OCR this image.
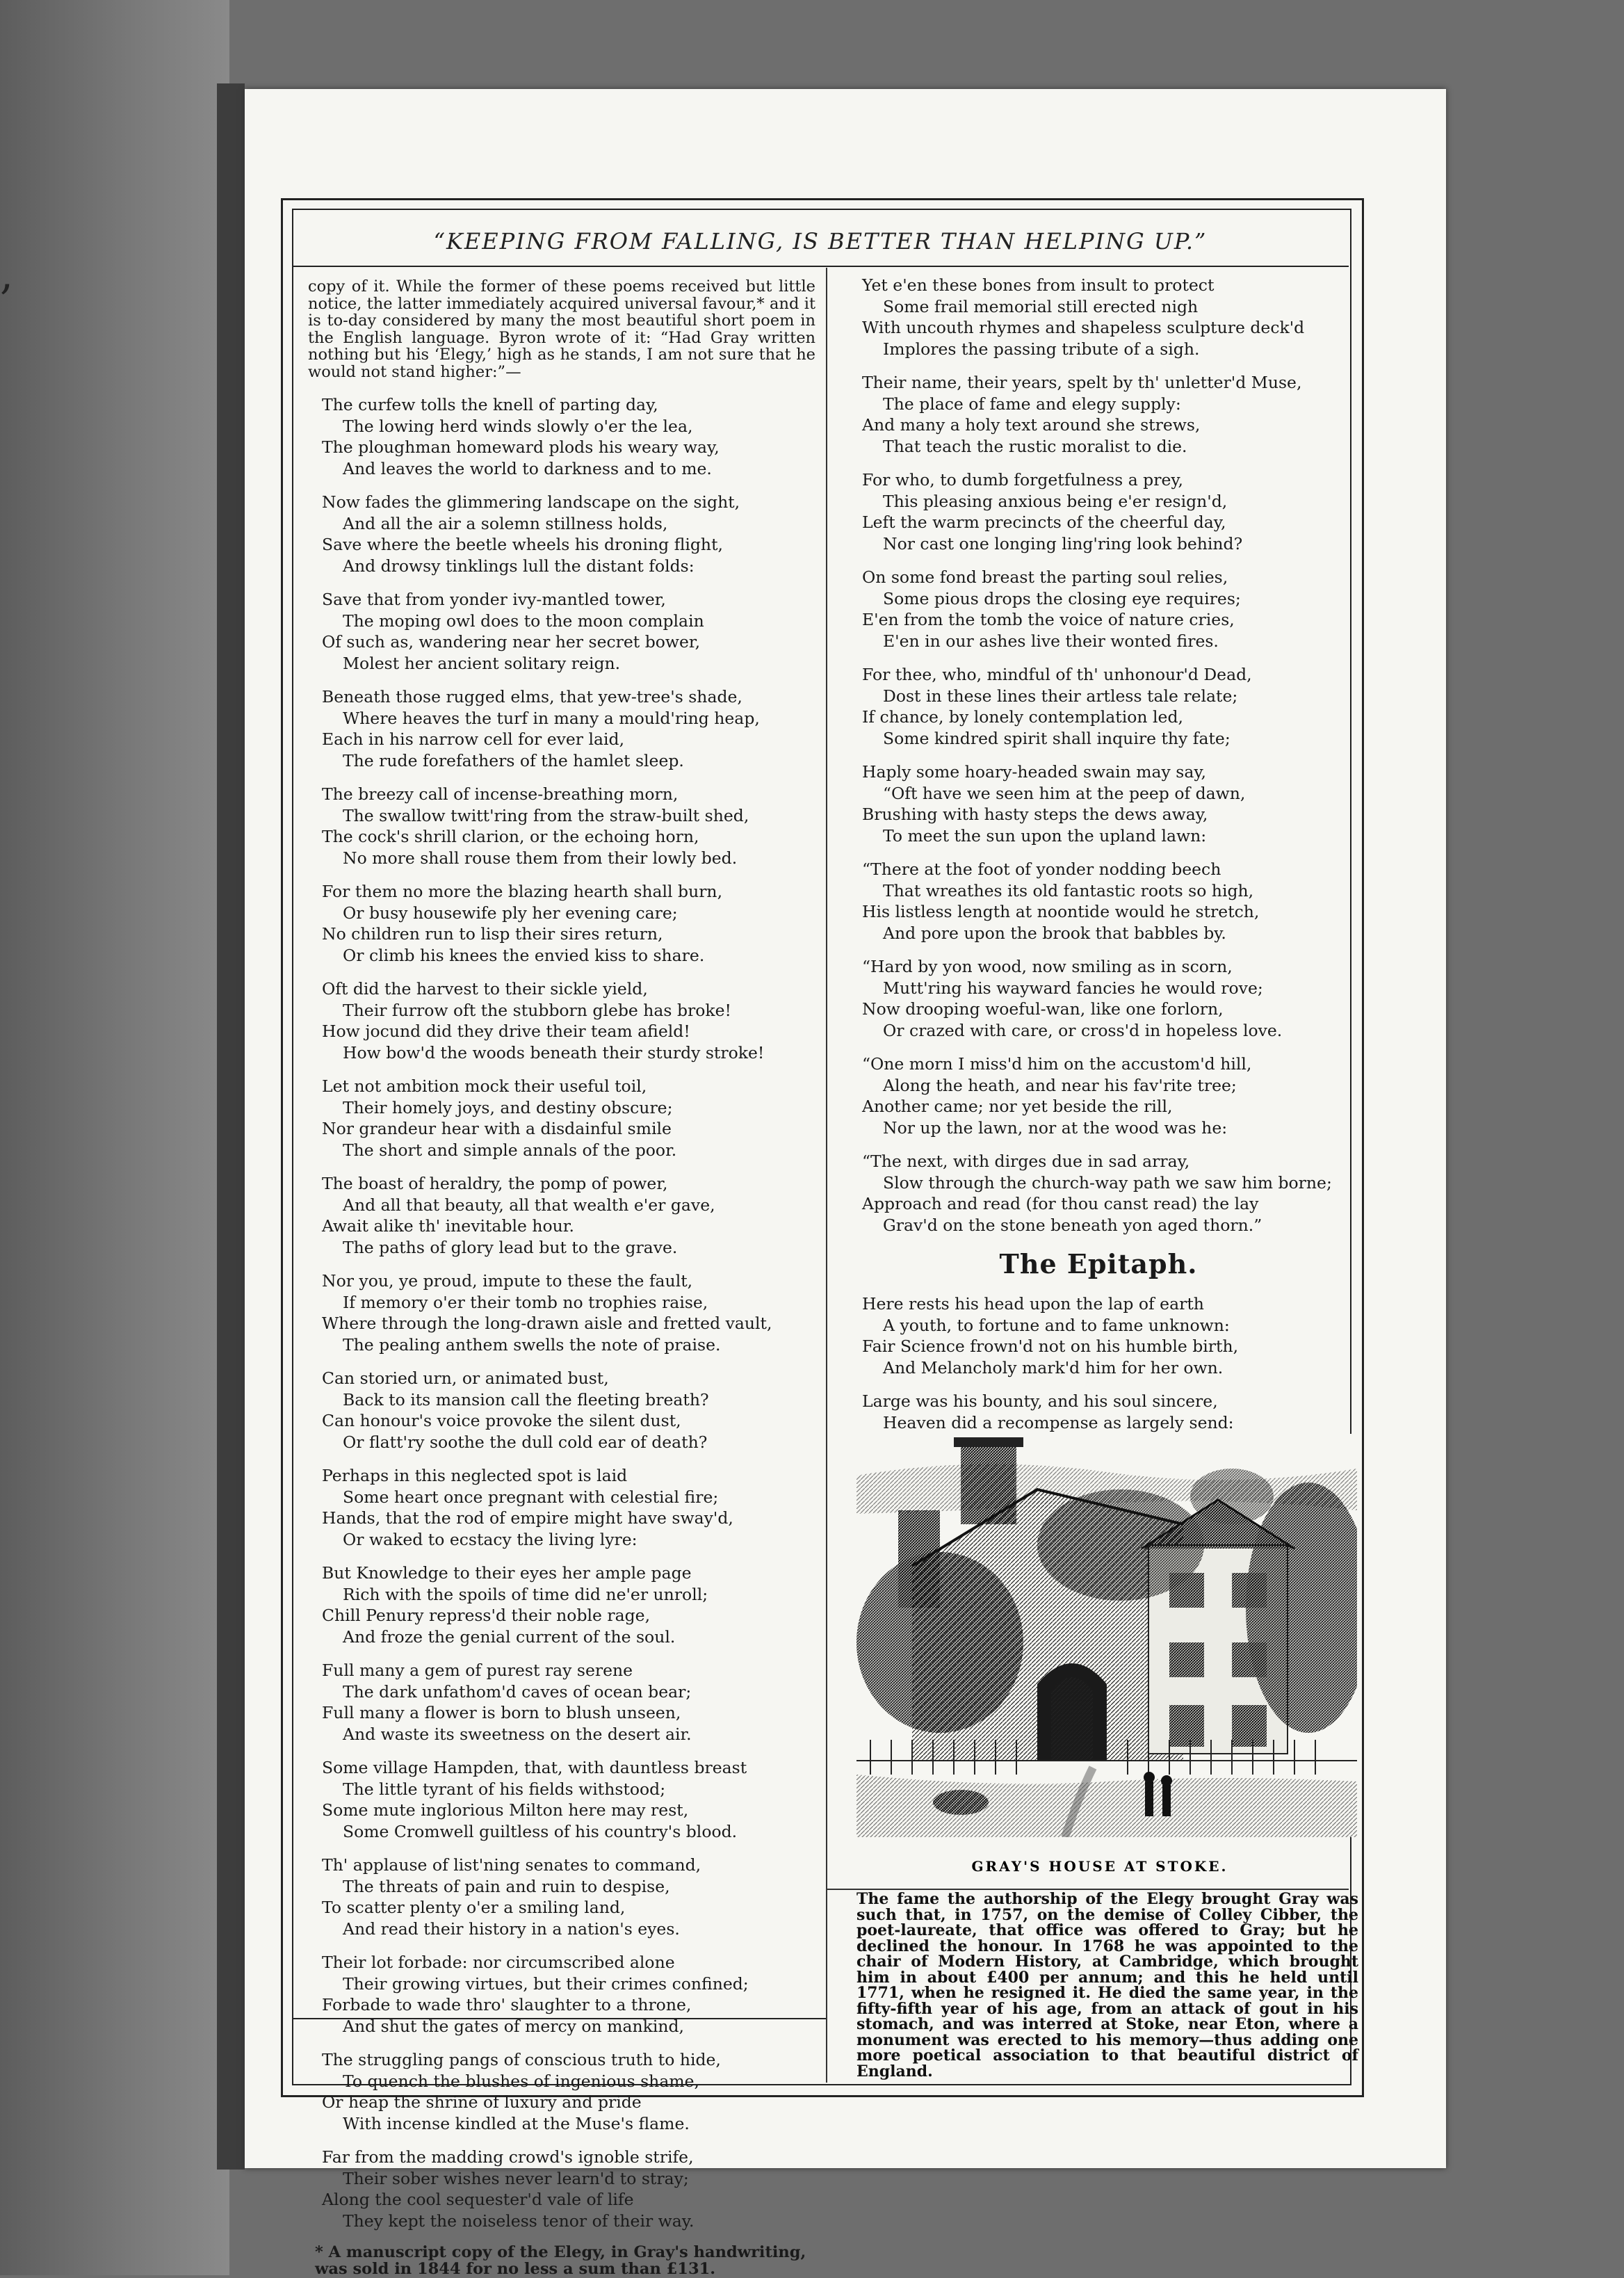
,
“KEEPING FROM FALLING, IS BETTER THAN HELPING UP.”

copy of it. While the former of these poems received but little notice, the latter immediately acquired universal favour,* and it is to-day considered by many the most beautiful short poem in the English language. Byron wrote of it: “Had Gray written nothing but his ‘Elegy,’ high as he stands, I am not sure that he would not stand higher:”—

The curfew tolls the knell of parting day,
The lowing herd winds slowly o'er the lea,
The ploughman homeward plods his weary way,
And leaves the world to darkness and to me.
Now fades the glimmering landscape on the sight,
And all the air a solemn stillness holds,
Save where the beetle wheels his droning flight,
And drowsy tinklings lull the distant folds:
Save that from yonder ivy-mantled tower,
The moping owl does to the moon complain
Of such as, wandering near her secret bower,
Molest her ancient solitary reign.
Beneath those rugged elms, that yew-tree's shade,
Where heaves the turf in many a mould'ring heap,
Each in his narrow cell for ever laid,
The rude forefathers of the hamlet sleep.
The breezy call of incense-breathing morn,
The swallow twitt'ring from the straw-built shed,
The cock's shrill clarion, or the echoing horn,
No more shall rouse them from their lowly bed.
For them no more the blazing hearth shall burn,
Or busy housewife ply her evening care;
No children run to lisp their sires return,
Or climb his knees the envied kiss to share.
Oft did the harvest to their sickle yield,
Their furrow oft the stubborn glebe has broke!
How jocund did they drive their team afield!
How bow'd the woods beneath their sturdy stroke!
Let not ambition mock their useful toil,
Their homely joys, and destiny obscure;
Nor grandeur hear with a disdainful smile
The short and simple annals of the poor.
The boast of heraldry, the pomp of power,
And all that beauty, all that wealth e'er gave,
Await alike th' inevitable hour.
The paths of glory lead but to the grave.
Nor you, ye proud, impute to these the fault,
If memory o'er their tomb no trophies raise,
Where through the long-drawn aisle and fretted vault,
The pealing anthem swells the note of praise.
Can storied urn, or animated bust,
Back to its mansion call the fleeting breath?
Can honour's voice provoke the silent dust,
Or flatt'ry soothe the dull cold ear of death?
Perhaps in this neglected spot is laid
Some heart once pregnant with celestial fire;
Hands, that the rod of empire might have sway'd,
Or waked to ecstacy the living lyre:
But Knowledge to their eyes her ample page
Rich with the spoils of time did ne'er unroll;
Chill Penury repress'd their noble rage,
And froze the genial current of the soul.
Full many a gem of purest ray serene
The dark unfathom'd caves of ocean bear;
Full many a flower is born to blush unseen,
And waste its sweetness on the desert air.
Some village Hampden, that, with dauntless breast
The little tyrant of his fields withstood;
Some mute inglorious Milton here may rest,
Some Cromwell guiltless of his country's blood.
Th' applause of list'ning senates to command,
The threats of pain and ruin to despise,
To scatter plenty o'er a smiling land,
And read their history in a nation's eyes.
Their lot forbade: nor circumscribed alone
Their growing virtues, but their crimes confined;
Forbade to wade thro' slaughter to a throne,
And shut the gates of mercy on mankind,
The struggling pangs of conscious truth to hide,
To quench the blushes of ingenious shame,
Or heap the shrine of luxury and pride
With incense kindled at the Muse's flame.
Far from the madding crowd's ignoble strife,
Their sober wishes never learn'd to stray;
Along the cool sequester'd vale of life
They kept the noiseless tenor of their way.
* A manuscript copy of the Elegy, in Gray's handwriting, was sold in 1844 for no less a sum than £131.
Yet e'en these bones from insult to protect
Some frail memorial still erected nigh
With uncouth rhymes and shapeless sculpture deck'd
Implores the passing tribute of a sigh.
Their name, their years, spelt by th' unletter'd Muse,
The place of fame and elegy supply:
And many a holy text around she strews,
That teach the rustic moralist to die.
For who, to dumb forgetfulness a prey,
This pleasing anxious being e'er resign'd,
Left the warm precincts of the cheerful day,
Nor cast one longing ling'ring look behind?
On some fond breast the parting soul relies,
Some pious drops the closing eye requires;
E'en from the tomb the voice of nature cries,
E'en in our ashes live their wonted fires.
For thee, who, mindful of th' unhonour'd Dead,
Dost in these lines their artless tale relate;
If chance, by lonely contemplation led,
Some kindred spirit shall inquire thy fate;
Haply some hoary-headed swain may say,
“Oft have we seen him at the peep of dawn,
Brushing with hasty steps the dews away,
To meet the sun upon the upland lawn:
“There at the foot of yonder nodding beech
That wreathes its old fantastic roots so high,
His listless length at noontide would he stretch,
And pore upon the brook that babbles by.
“Hard by yon wood, now smiling as in scorn,
Mutt'ring his wayward fancies he would rove;
Now drooping woeful-wan, like one forlorn,
Or crazed with care, or cross'd in hopeless love.
“One morn I miss'd him on the accustom'd hill,
Along the heath, and near his fav'rite tree;
Another came; nor yet beside the rill,
Nor up the lawn, nor at the wood was he:
“The next, with dirges due in sad array,
Slow through the church-way path we saw him borne;
Approach and read (for thou canst read) the lay
Grav'd on the stone beneath yon aged thorn.”
The Epitaph.
Here rests his head upon the lap of earth
A youth, to fortune and to fame unknown:
Fair Science frown'd not on his humble birth,
And Melancholy mark'd him for her own.
Large was his bounty, and his soul sincere,
Heaven did a recompense as largely send:
GRAY'S HOUSE AT STOKE.
The fame the authorship of the Elegy brought Gray was such that, in 1757, on the demise of Colley Cibber, the poet-laureate, that office was offered to Gray; but he declined the honour. In 1768 he was appointed to the chair of Modern History, at Cambridge, which brought him in about £400 per annum; and this he held until 1771, when he resigned it. He died the same year, in the fifty-fifth year of his age, from an attack of gout in his stomach, and was interred at Stoke, near Eton, where a monument was erected to his memory—thus adding one more poetical association to that beautiful district of England.
